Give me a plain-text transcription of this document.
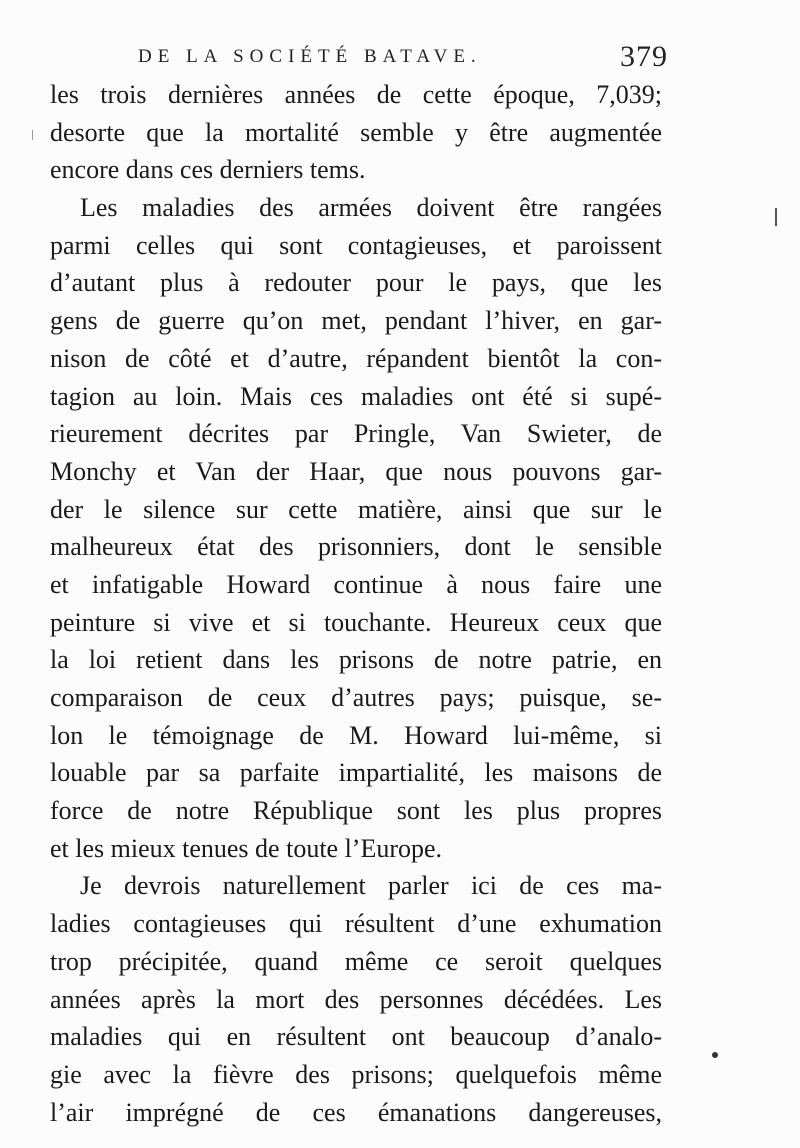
DE LA SOCIÉTÉ BATAVE.	379
les trois dernières années de cette époque, 7,039;
desorte que la mortalité semble y être augmentée
encore dans ces derniers tems.
Les maladies des armées doivent être rangées
parmi celles qui sont contagieuses, et paroissent
d’autant plus à redouter pour le pays, que les
gens de guerre qu’on met, pendant l’hiver, en gar-
nison de côté et d’autre, répandent bientôt la con-
tagion au loin. Mais ces maladies ont été si supé-
rieurement décrites par Pringle, Van Swieter, de
Monchy et Van der Haar, que nous pouvons gar-
der le silence sur cette matière, ainsi que sur le
malheureux état des prisonniers, dont le sensible
et infatigable Howard continue à nous faire une
peinture si vive et si touchante. Heureux ceux que
la loi retient dans les prisons de notre patrie, en
comparaison de ceux d’autres pays; puisque, se-
lon le témoignage de M. Howard lui-même, si
louable par sa parfaite impartialité, les maisons de
force de notre République sont les plus propres
et les mieux tenues de toute l’Europe.
Je devrois naturellement parler ici de ces ma-
ladies contagieuses qui résultent d’une exhumation
trop précipitée, quand même ce seroit quelques
années après la mort des personnes décédées. Les
maladies qui en résultent ont beaucoup d’analo-
gie avec la fièvre des prisons; quelquefois même
l’air imprégné de ces émanations dangereuses,
